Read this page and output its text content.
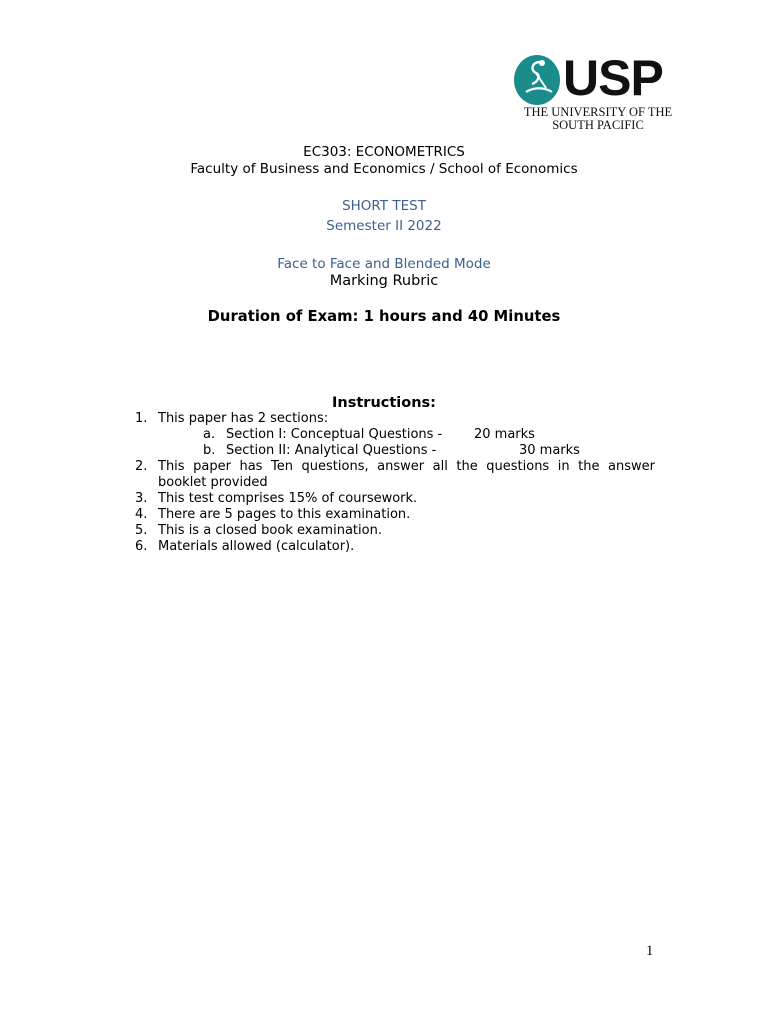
USP
THE UNIVERSITY OF THE
SOUTH PACIFIC
EC303: ECONOMETRICS
Faculty of Business and Economics / School of Economics
SHORT TEST
Semester II 2022
Face to Face and Blended Mode
Marking Rubric
Duration of Exam: 1 hours and 40 Minutes
Instructions:
1. This paper has 2 sections:
a. Section I: Conceptual Questions - 20 marks
b. Section II: Analytical Questions -	30 marks
2. This paper has Ten questions, answer all the questions in the answer
booklet provided
3. This test comprises 15% of coursework.
4. There are 5 pages to this examination.
5. This is a closed book examination.
6. Materials allowed (calculator).
1
